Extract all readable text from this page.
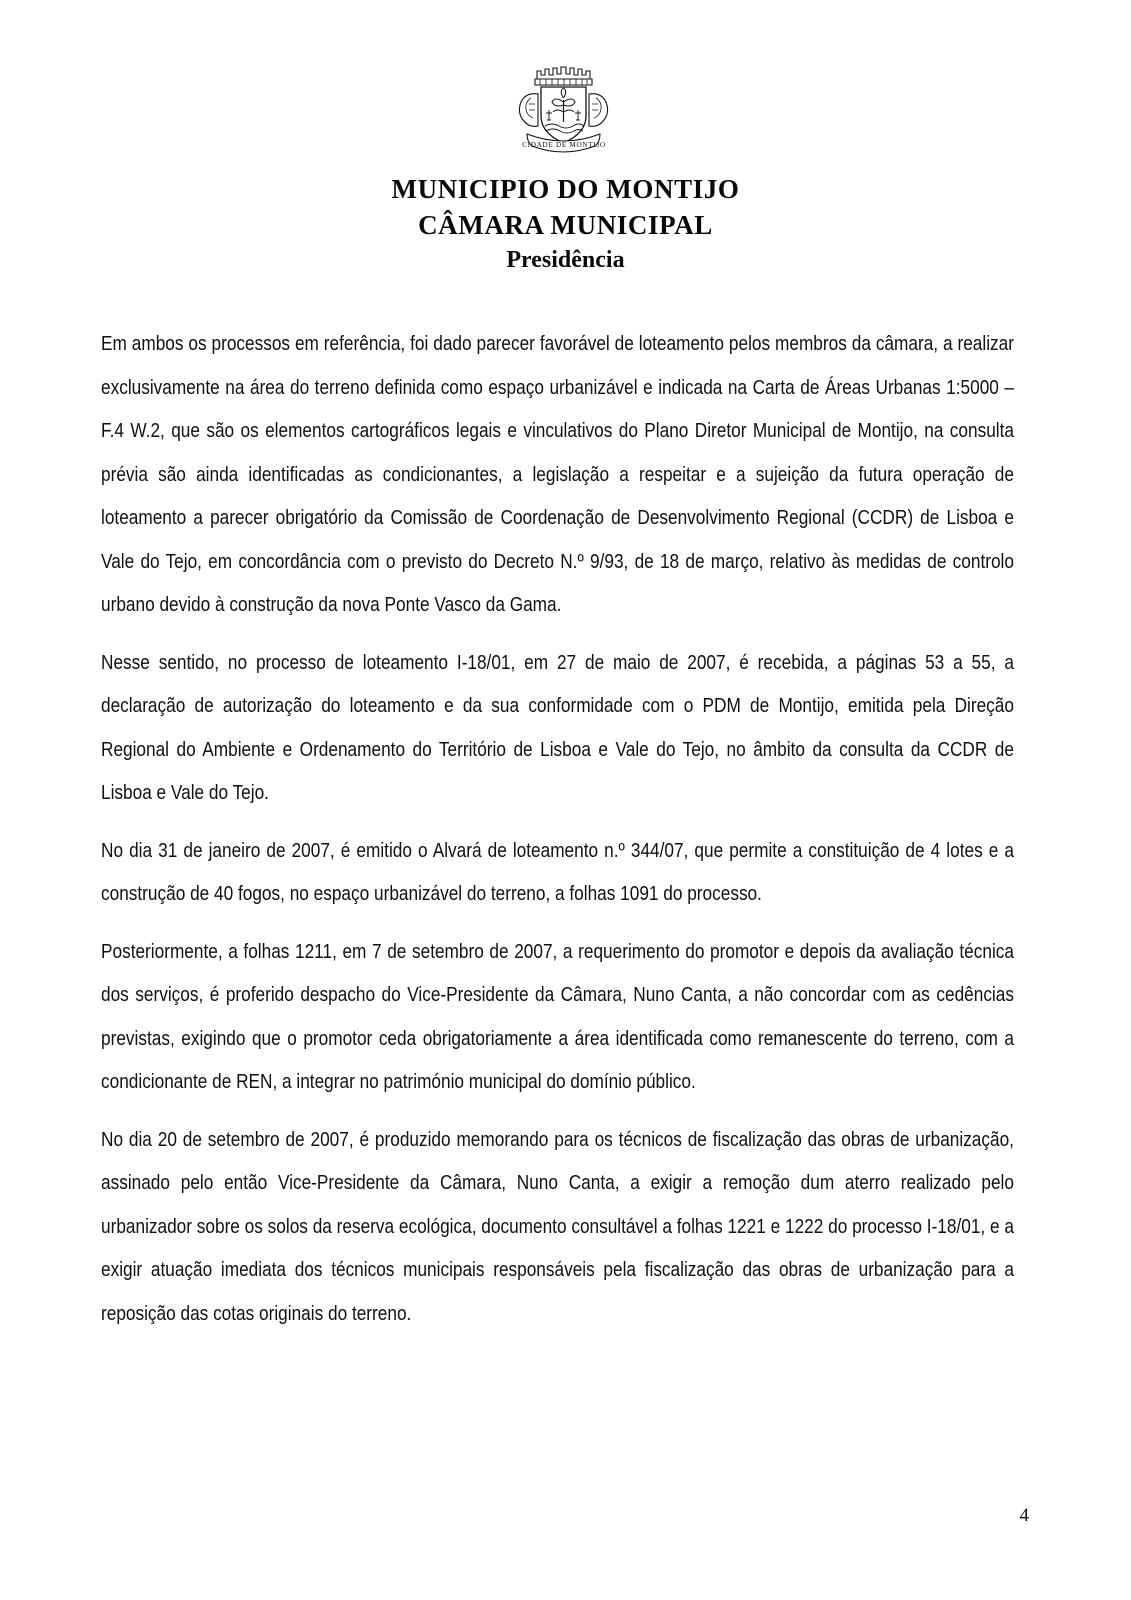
CIDADE DE MONTIJO
MUNICIPIO DO MONTIJO
CÂMARA MUNICIPAL
Presidência

Em ambos os processos em referência, foi dado parecer favorável de loteamento pelos membros da câmara, a realizar exclusivamente na área do terreno definida como espaço urbanizável e indicada na Carta de Áreas Urbanas 1:5000 – F.4 W.2, que são os elementos cartográficos legais e vinculativos do Plano Diretor Municipal de Montijo, na consulta prévia são ainda identificadas as condicionantes, a legislação a respeitar e a sujeição da futura operação de loteamento a parecer obrigatório da Comissão de Coordenação de Desenvolvimento Regional (CCDR) de Lisboa e Vale do Tejo, em concordância com o previsto do Decreto N.º 9/93, de 18 de março, relativo às medidas de controlo urbano devido à construção da nova Ponte Vasco da Gama.

Nesse sentido, no processo de loteamento I-18/01, em 27 de maio de 2007, é recebida, a páginas 53 a 55, a declaração de autorização do loteamento e da sua conformidade com o PDM de Montijo, emitida pela Direção Regional do Ambiente e Ordenamento do Território de Lisboa e Vale do Tejo, no âmbito da consulta da CCDR de Lisboa e Vale do Tejo.

No dia 31 de janeiro de 2007, é emitido o Alvará de loteamento n.º 344/07, que permite a constituição de 4 lotes e a construção de 40 fogos, no espaço urbanizável do terreno, a folhas 1091 do processo.

Posteriormente, a folhas 1211, em 7 de setembro de 2007, a requerimento do promotor e depois da avaliação técnica dos serviços, é proferido despacho do Vice-Presidente da Câmara, Nuno Canta, a não concordar com as cedências previstas, exigindo que o promotor ceda obrigatoriamente a área identificada como remanescente do terreno, com a condicionante de REN, a integrar no património municipal do domínio público.

No dia 20 de setembro de 2007, é produzido memorando para os técnicos de fiscalização das obras de urbanização, assinado pelo então Vice-Presidente da Câmara, Nuno Canta, a exigir a remoção dum aterro realizado pelo urbanizador sobre os solos da reserva ecológica, documento consultável a folhas 1221 e 1222 do processo I-18/01, e a exigir atuação imediata dos técnicos municipais responsáveis pela fiscalização das obras de urbanização para a reposição das cotas originais do terreno.

4
